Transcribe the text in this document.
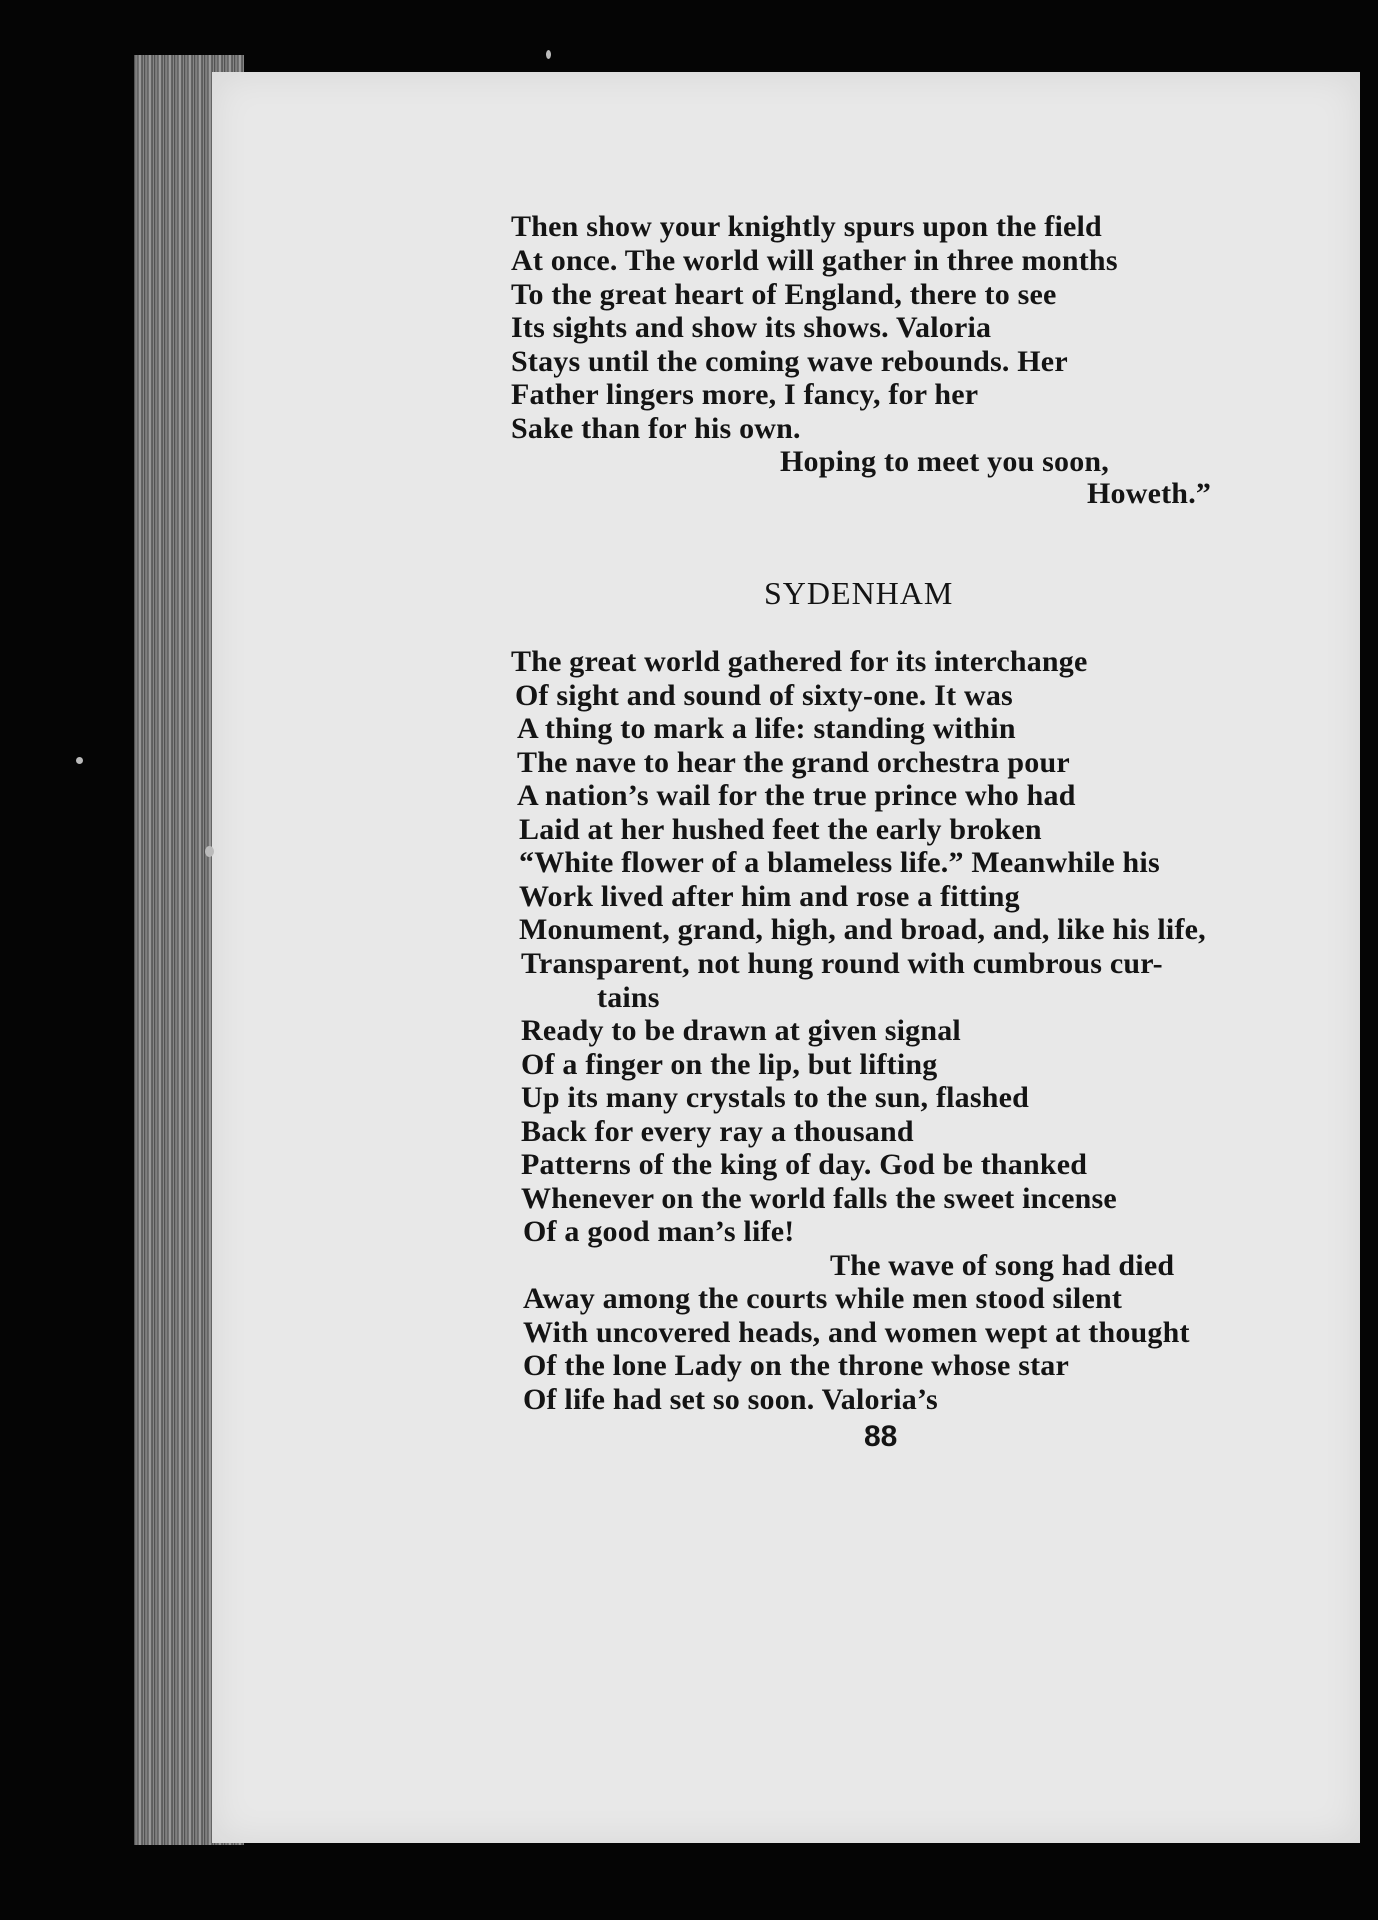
Then show your knightly spurs upon the field
At once. The world will gather in three months
To the great heart of England, there to see
Its sights and show its shows. Valoria
Stays until the coming wave rebounds. Her
Father lingers more, I fancy, for her
Sake than for his own.
Hoping to meet you soon,
Howeth.”
SYDENHAM
The great world gathered for its interchange
Of sight and sound of sixty-one. It was
A thing to mark a life: standing within
The nave to hear the grand orchestra pour
A nation’s wail for the true prince who had
Laid at her hushed feet the early broken
“White flower of a blameless life.” Meanwhile his
Work lived after him and rose a fitting
Monument, grand, high, and broad, and, like his life,
Transparent, not hung round with cumbrous cur-
tains
Ready to be drawn at given signal
Of a finger on the lip, but lifting
Up its many crystals to the sun, flashed
Back for every ray a thousand
Patterns of the king of day. God be thanked
Whenever on the world falls the sweet incense
Of a good man’s life!
The wave of song had died
Away among the courts while men stood silent
With uncovered heads, and women wept at thought
Of the lone Lady on the throne whose star
Of life had set so soon. Valoria’s
88
